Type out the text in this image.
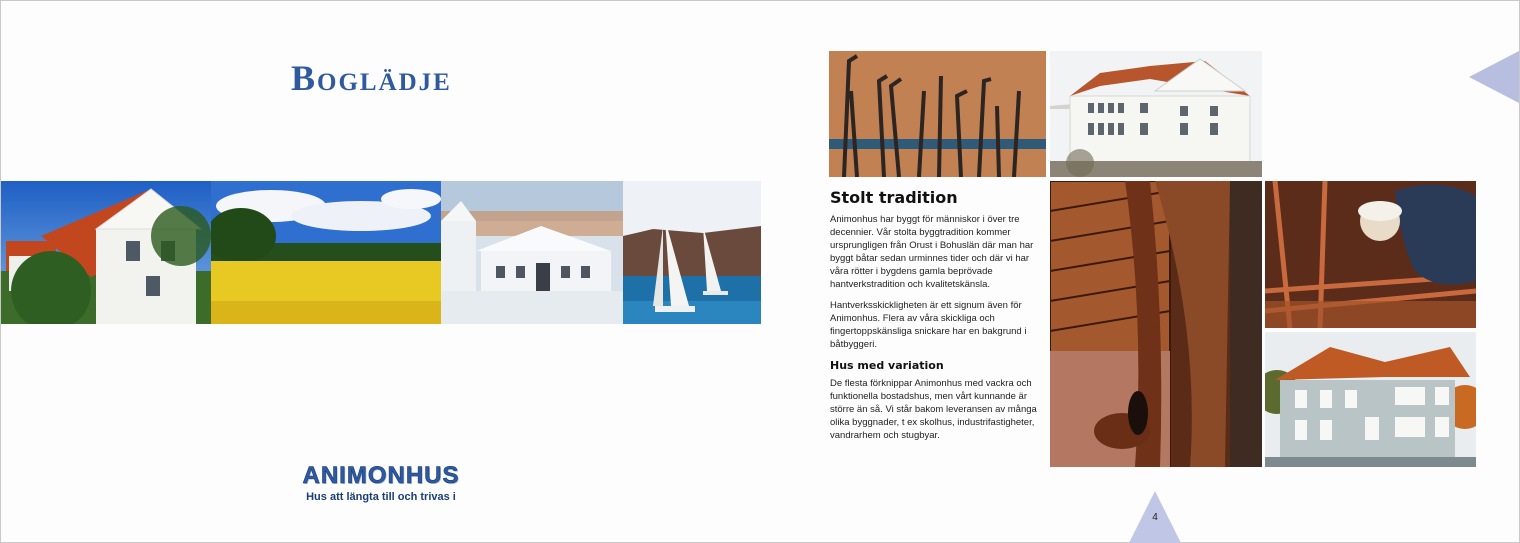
Boglädje
ANIMONHUS
Hus att längta till och trivas i
Stolt tradition

Animonhus har byggt för människor i över tre decennier. Vår stolta byggtradition kommer ursprungligen från Orust i Bohuslän där man har byggt båtar sedan urminnes tider och där vi har våra rötter i bygdens gamla beprövade hantverkstradition och kvalitetskänsla.

Hantverksskickligheten är ett signum även för Animonhus. Flera av våra skickliga och fingertoppskänsliga snickare har en bakgrund i båtbyggeri.

Hus med variation

De flesta förknippar Animonhus med vackra och funktionella bostadshus, men vårt kunnande är större än så. Vi står bakom leveransen av många olika byggnader, t ex skolhus, industrifastigheter, vandrarhem och stugbyar.

4
